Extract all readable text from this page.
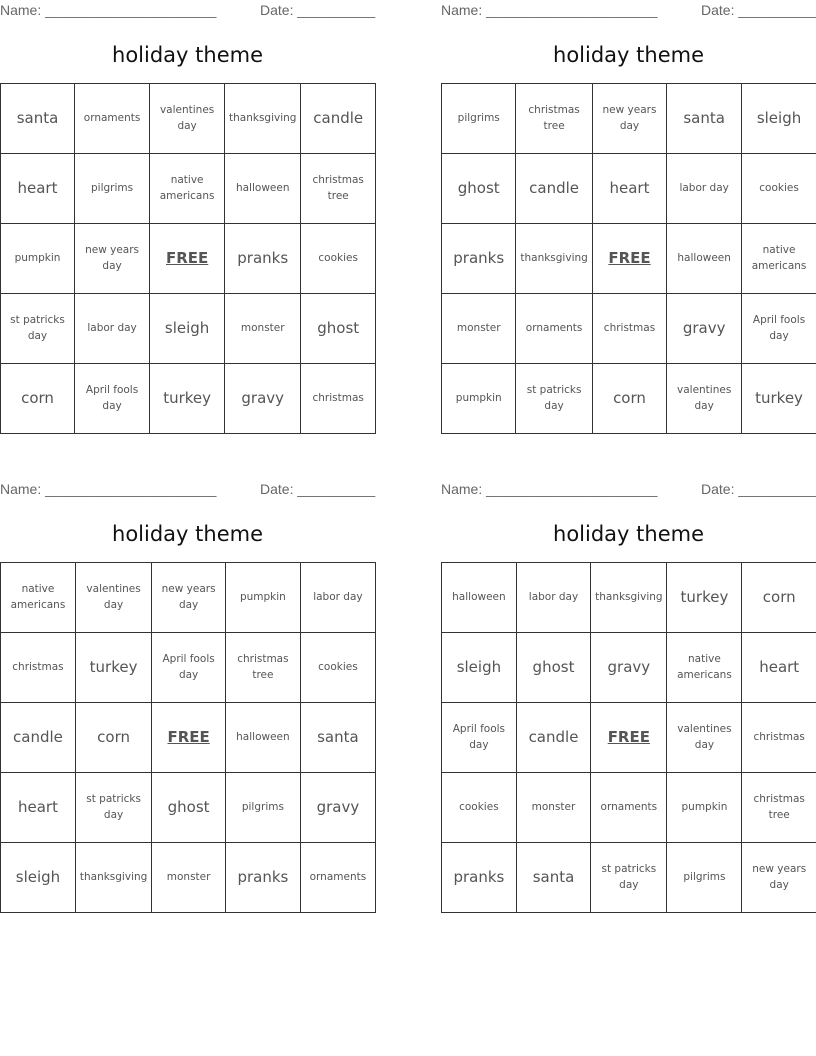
Name: ______________________	Date: __________
holiday theme
santa	ornaments	valentines day	thanksgiving	candle
heart	pilgrims	native americans	halloween	christmas tree
pumpkin	new years day	FREE	pranks	cookies
st patricks day	labor day	sleigh	monster	ghost
corn	April fools day	turkey	gravy	christmas
Name: ______________________	Date: __________
holiday theme
pilgrims	christmas tree	new years day	santa	sleigh
ghost	candle	heart	labor day	cookies
pranks	thanksgiving	FREE	halloween	native americans
monster	ornaments	christmas	gravy	April fools day
pumpkin	st patricks day	corn	valentines day	turkey
Name: ______________________	Date: __________
holiday theme
native americans	valentines day	new years day	pumpkin	labor day
christmas	turkey	April fools day	christmas tree	cookies
candle	corn	FREE	halloween	santa
heart	st patricks day	ghost	pilgrims	gravy
sleigh	thanksgiving	monster	pranks	ornaments
Name: ______________________	Date: __________
holiday theme
halloween	labor day	thanksgiving	turkey	corn
sleigh	ghost	gravy	native americans	heart
April fools day	candle	FREE	valentines day	christmas
cookies	monster	ornaments	pumpkin	christmas tree
pranks	santa	st patricks day	pilgrims	new years day
